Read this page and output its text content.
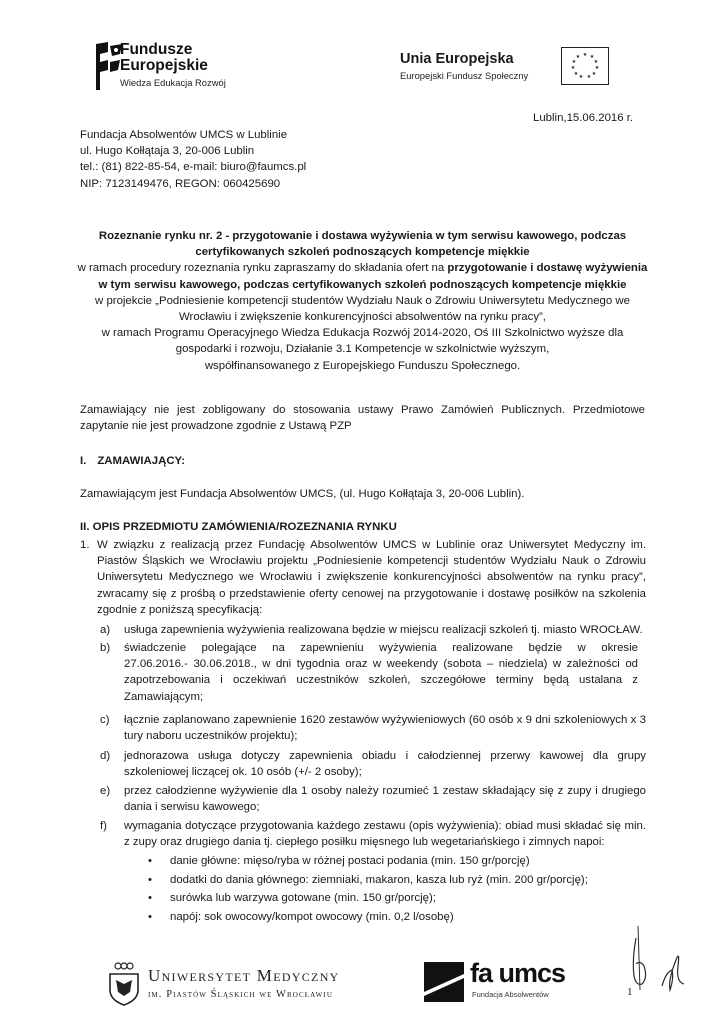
Fundusze
Europejskie
Wiedza Edukacja Rozwój
Unia Europejska
Europejski Fundusz Społeczny
★ ★
★
★
★
★
★
★
★
★
★
Lublin,15.06.2016 r.
Fundacja Absolwentów UMCS w Lublinie
ul. Hugo Kołłątaja 3, 20-006 Lublin
tel.: (81) 822-85-54, e-mail: biuro@faumcs.pl
NIP: 7123149476, REGON: 060425690
Rozeznanie rynku nr. 2 - przygotowanie i dostawa wyżywienia w tym serwisu kawowego, podczas
certyfikowanych szkoleń podnoszących kompetencje miękkie
w ramach procedury rozeznania rynku zapraszamy do składania ofert na przygotowanie i dostawę wyżywienia
w tym serwisu kawowego, podczas certyfikowanych szkoleń podnoszących kompetencje miękkie
w projekcie „Podniesienie kompetencji studentów Wydziału Nauk o Zdrowiu Uniwersytetu Medycznego we
Wrocławiu i zwiększenie konkurencyjności absolwentów na rynku pracy”,
w ramach Programu Operacyjnego Wiedza Edukacja Rozwój 2014-2020, Oś III Szkolnictwo wyższe dla
gospodarki i rozwoju, Działanie 3.1 Kompetencje w szkolnictwie wyższym,
współfinansowanego z Europejskiego Funduszu Społecznego.
Zamawiający nie jest zobligowany do stosowania ustawy Prawo Zamówień Publicznych. Przedmiotowe
zapytanie nie jest prowadzone zgodnie z Ustawą PZP
I. ZAMAWIAJĄCY:
Zamawiającym jest Fundacja Absolwentów UMCS, (ul. Hugo Kołłątaja 3, 20-006 Lublin).
II. OPIS PRZEDMIOTU ZAMÓWIENIA/ROZEZNANIA RYNKU
1. W związku z realizacją przez Fundację Absolwentów UMCS w Lublinie oraz Uniwersytet Medyczny im.
Piastów Śląskich we Wrocławiu projektu „Podniesienie kompetencji studentów Wydziału Nauk o Zdrowiu
Uniwersytetu Medycznego we Wrocławiu i zwiększenie konkurencyjności absolwentów na rynku pracy”,
zwracamy się z prośbą o przedstawienie oferty cenowej na przygotowanie i dostawę posiłków na szkolenia
zgodnie z poniższą specyfikacją:
a) usługa zapewnienia wyżywienia realizowana będzie w miejscu realizacji szkoleń tj. miasto WROCŁAW.
b) świadczenie polegające na zapewnieniu wyżywienia realizowane będzie w okresie
27.06.2016.- 30.06.2018., w dni tygodnia oraz w weekendy (sobota – niedziela) w zależności od
zapotrzebowania i oczekiwań uczestników szkoleń, szczegółowe terminy będą ustalana z
Zamawiającym;
c) łącznie zaplanowano zapewnienie 1620 zestawów wyżywieniowych (60 osób x 9 dni szkoleniowych x 3
tury naboru uczestników projektu);
d) jednorazowa usługa dotyczy zapewnienia obiadu i całodziennej przerwy kawowej dla grupy
szkoleniowej liczącej ok. 10 osób (+/- 2 osoby);
e) przez całodzienne wyżywienie dla 1 osoby należy rozumieć 1 zestaw składający się z zupy i drugiego
dania i serwisu kawowego;
f) wymagania dotyczące przygotowania każdego zestawu (opis wyżywienia): obiad musi składać się min.
z zupy oraz drugiego dania tj. ciepłego posiłku mięsnego lub wegetariańskiego i zimnych napoi:
• danie główne: mięso/ryba w różnej postaci podania (min. 150 gr/porcję)
• dodatki do dania głównego: ziemniaki, makaron, kasza lub ryż (min. 200 gr/porcję);
• surówka lub warzywa gotowane (min. 150 gr/porcję);
• napój: sok owocowy/kompot owocowy (min. 0,2 l/osobę)
Uniwersytet Medyczny
im. Piastów Śląskich we Wrocławiu
fa umcs
Fundacja Absolwentów	1
